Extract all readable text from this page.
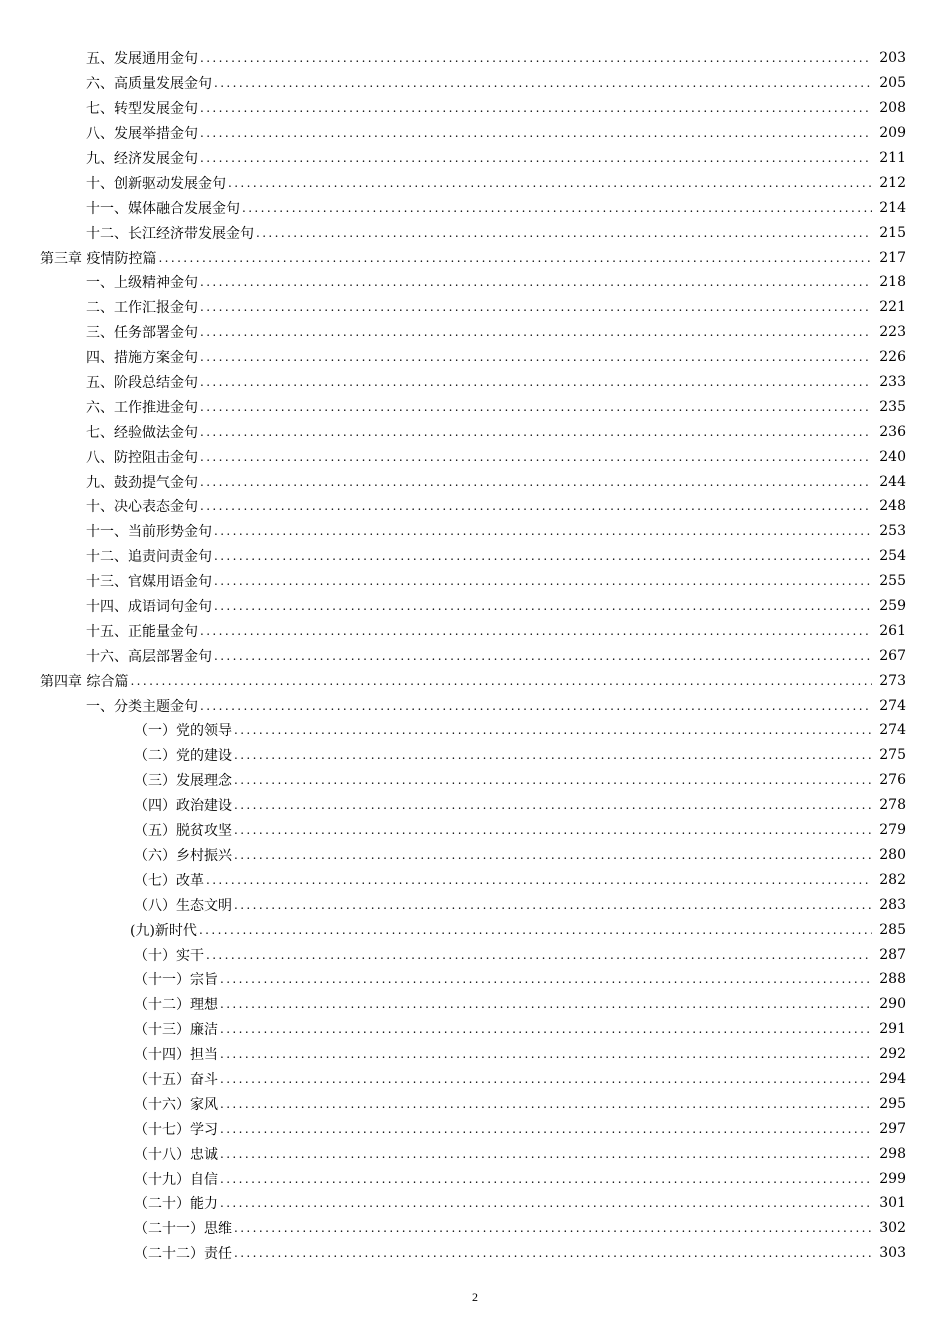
五、发展通用金句 .....	203
六、高质量发展金句 .....	205
七、转型发展金句 .....	208
八、发展举措金句 .....	209
九、经济发展金句 .....	211
十、创新驱动发展金句 .....	212
十一、媒体融合发展金句 .....	214
十二、长江经济带发展金句 .....	215
第三章 疫情防控篇 .....	217
一、上级精神金句 .....	218
二、工作汇报金句 .....	221
三、任务部署金句 .....	223
四、措施方案金句 .....	226
五、阶段总结金句 .....	233
六、工作推进金句 .....	235
七、经验做法金句 .....	236
八、防控阻击金句 .....	240
九、鼓劲提气金句 .....	244
十、决心表态金句 .....	248
十一、当前形势金句 .....	253
十二、追责问责金句 .....	254
十三、官媒用语金句 .....	255
十四、成语词句金句 .....	259
十五、正能量金句 .....	261
十六、高层部署金句 .....	267
第四章 综合篇 .....	273
一、分类主题金句 .....	274
（一）党的领导 .....	274
（二）党的建设 .....	275
（三）发展理念 .....	276
（四）政治建设 .....	278
（五）脱贫攻坚 .....	279
（六）乡村振兴 .....	280
（七）改革 .....	282
（八）生态文明 .....	283
(九)新时代 .....	285
（十）实干 .....	287
（十一）宗旨 .....	288
（十二）理想 .....	290
（十三）廉洁 .....	291
（十四）担当 .....	292
（十五）奋斗 .....	294
（十六）家风 .....	295
（十七）学习 .....	297
（十八）忠诚 .....	298
（十九）自信 .....	299
（二十）能力 .....	301
（二十一）思维 .....	302
（二十二）责任 .....	303
2
